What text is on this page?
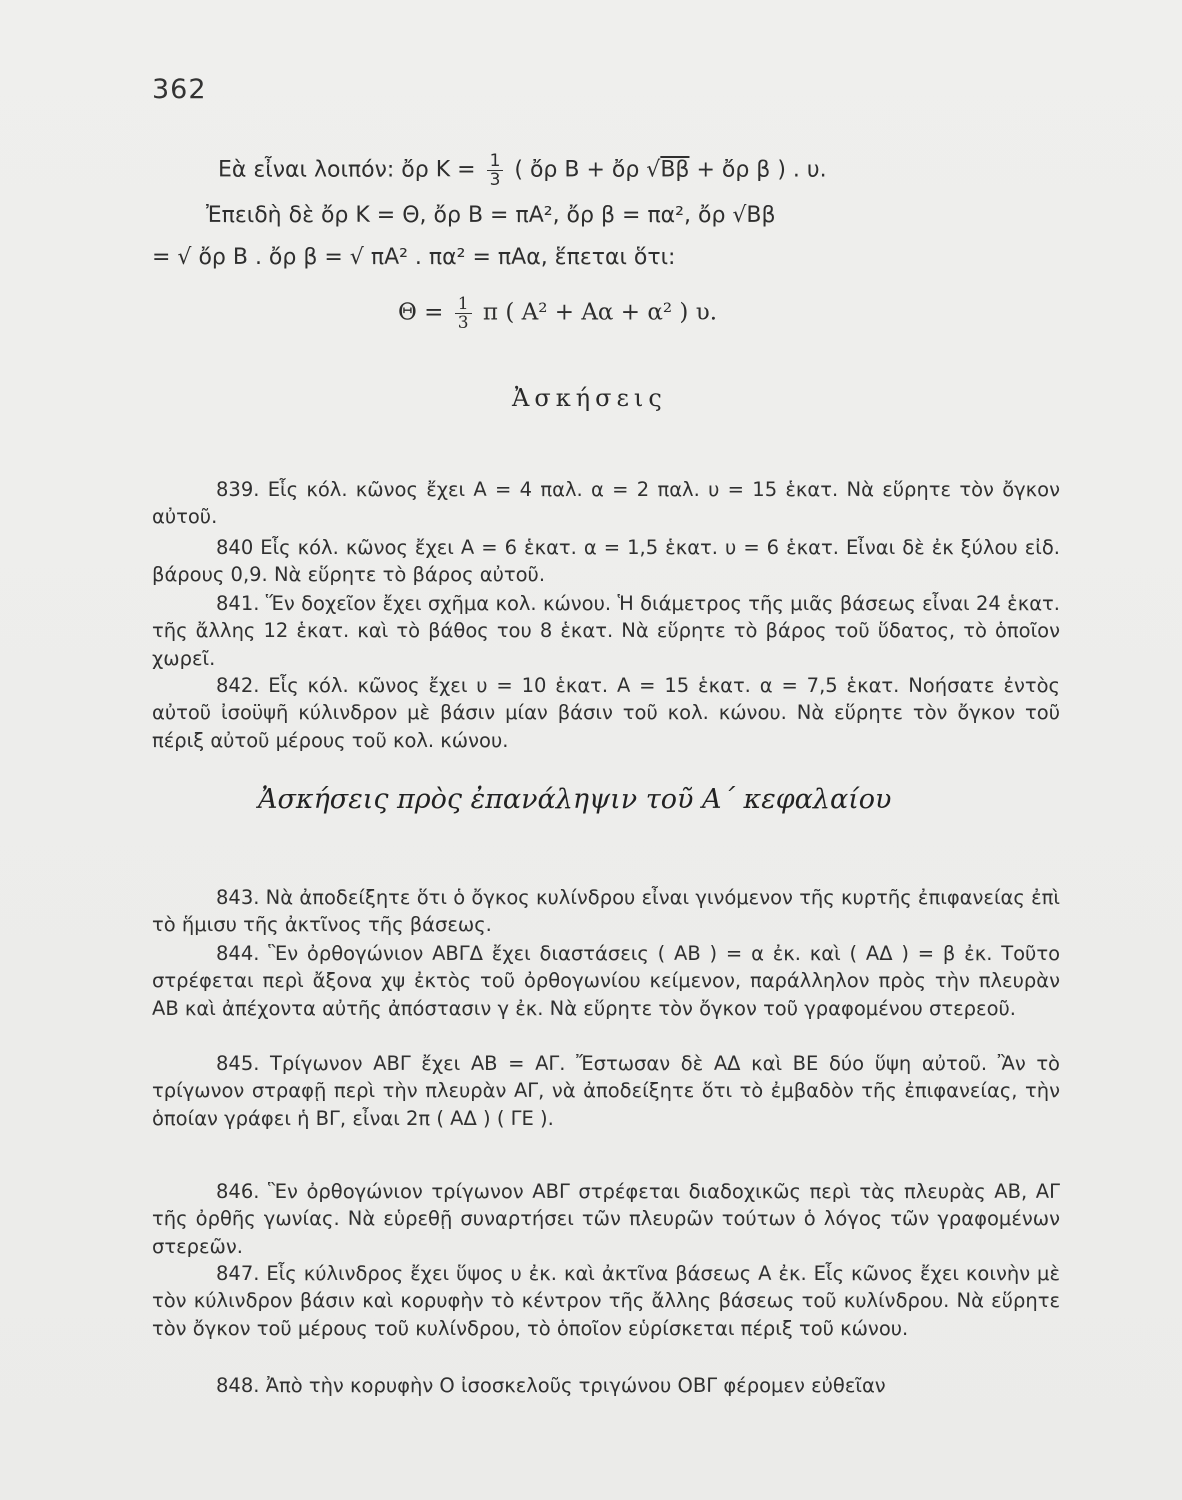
362
Εὰ εἶναι λοιπόν: ὄρ $K = \frac{1}{3}$ ( ὄρ Β + ὄρ √Ββ + ὄρ β ) . υ.
Ἐπειδὴ δὲ ὄρ Κ = Θ, ὄρ Β = πΑ², ὄρ β = πα², ὄρ √Ββ
= √ ὄρ Β . ὄρ β = √ πΑ² . πα² = πΑα, ἕπεται ὅτι:
$\Theta = \frac{1}{3}$ π ( Α² + Αα + α² ) υ.
Ἀσκήσεις

839. Εἷς κόλ. κῶνος ἔχει Α = 4 παλ. α = 2 παλ. υ = 15 ἑκατ. Νὰ εὕρητε τὸν ὄγκον αὐτοῦ.

840 Εἷς κόλ. κῶνος ἔχει Α = 6 ἑκατ. α = 1,5 ἑκατ. υ = 6 ἑκατ. Εἶναι δὲ ἐκ ξύλου εἰδ. βάρους 0,9. Νὰ εὕρητε τὸ βάρος αὐτοῦ.

841. Ἕν δοχεῖον ἔχει σχῆμα κολ. κώνου. Ἡ διάμετρος τῆς μιᾶς βάσεως εἶναι 24 ἑκατ. τῆς ἄλλης 12 ἑκατ. καὶ τὸ βάθος του 8 ἑκατ. Νὰ εὕρητε τὸ βάρος τοῦ ὕδατος, τὸ ὁποῖον χωρεῖ.

842. Εἷς κόλ. κῶνος ἔχει υ = 10 ἑκατ. Α = 15 ἑκατ. α = 7,5 ἑκατ. Νοήσατε ἐντὸς αὐτοῦ ἰσοϋψῆ κύλινδρον μὲ βάσιν μίαν βάσιν τοῦ κολ. κώνου. Νὰ εὕρητε τὸν ὄγκον τοῦ πέριξ αὐτοῦ μέρους τοῦ κολ. κώνου.

Ἀσκήσεις πρὸς ἐπανάληψιν τοῦ Α΄ κεφαλαίου

843. Νὰ ἀποδείξητε ὅτι ὁ ὄγκος κυλίνδρου εἶναι γινόμενον τῆς κυρτῆς ἐπιφανείας ἐπὶ τὸ ἥμισυ τῆς ἀκτῖνος τῆς βάσεως.

844. Ἓν ὀρθογώνιον ΑΒΓΔ ἔχει διαστάσεις ( ΑΒ ) = α ἐκ. καὶ ( ΑΔ ) = β ἐκ. Τοῦτο στρέφεται περὶ ἄξονα χψ ἐκτὸς τοῦ ὀρθογωνίου κείμενον, παράλληλον πρὸς τὴν πλευρὰν ΑΒ καὶ ἀπέχοντα αὐτῆς ἀπόστασιν γ ἐκ. Νὰ εὕρητε τὸν ὄγκον τοῦ γραφομένου στερεοῦ.

845. Τρίγωνον ΑΒΓ ἔχει ΑΒ = ΑΓ. Ἔστωσαν δὲ ΑΔ καὶ ΒΕ δύο ὕψη αὐτοῦ. Ἂν τὸ τρίγωνον στραφῇ περὶ τὴν πλευρὰν ΑΓ, νὰ ἀποδείξητε ὅτι τὸ ἐμβαδὸν τῆς ἐπιφανείας, τὴν ὁποίαν γράφει ἡ ΒΓ, εἶναι 2π ( ΑΔ ) ( ΓΕ ).

846. Ἓν ὀρθογώνιον τρίγωνον ΑΒΓ στρέφεται διαδοχικῶς περὶ τὰς πλευρὰς ΑΒ, ΑΓ τῆς ὀρθῆς γωνίας. Νὰ εὑρεθῇ συναρτήσει τῶν πλευρῶν τούτων ὁ λόγος τῶν γραφομένων στερεῶν.

847. Εἷς κύλινδρος ἔχει ὕψος υ ἐκ. καὶ ἀκτῖνα βάσεως Α ἐκ. Εἷς κῶνος ἔχει κοινὴν μὲ τὸν κύλινδρον βάσιν καὶ κορυφὴν τὸ κέντρον τῆς ἄλλης βάσεως τοῦ κυλίνδρου. Νὰ εὕρητε τὸν ὄγκον τοῦ μέρους τοῦ κυλίνδρου, τὸ ὁποῖον εὑρίσκεται πέριξ τοῦ κώνου.

848. Ἀπὸ τὴν κορυφὴν Ο ἰσοσκελοῦς τριγώνου ΟΒΓ φέρομεν εὐθεῖαν
